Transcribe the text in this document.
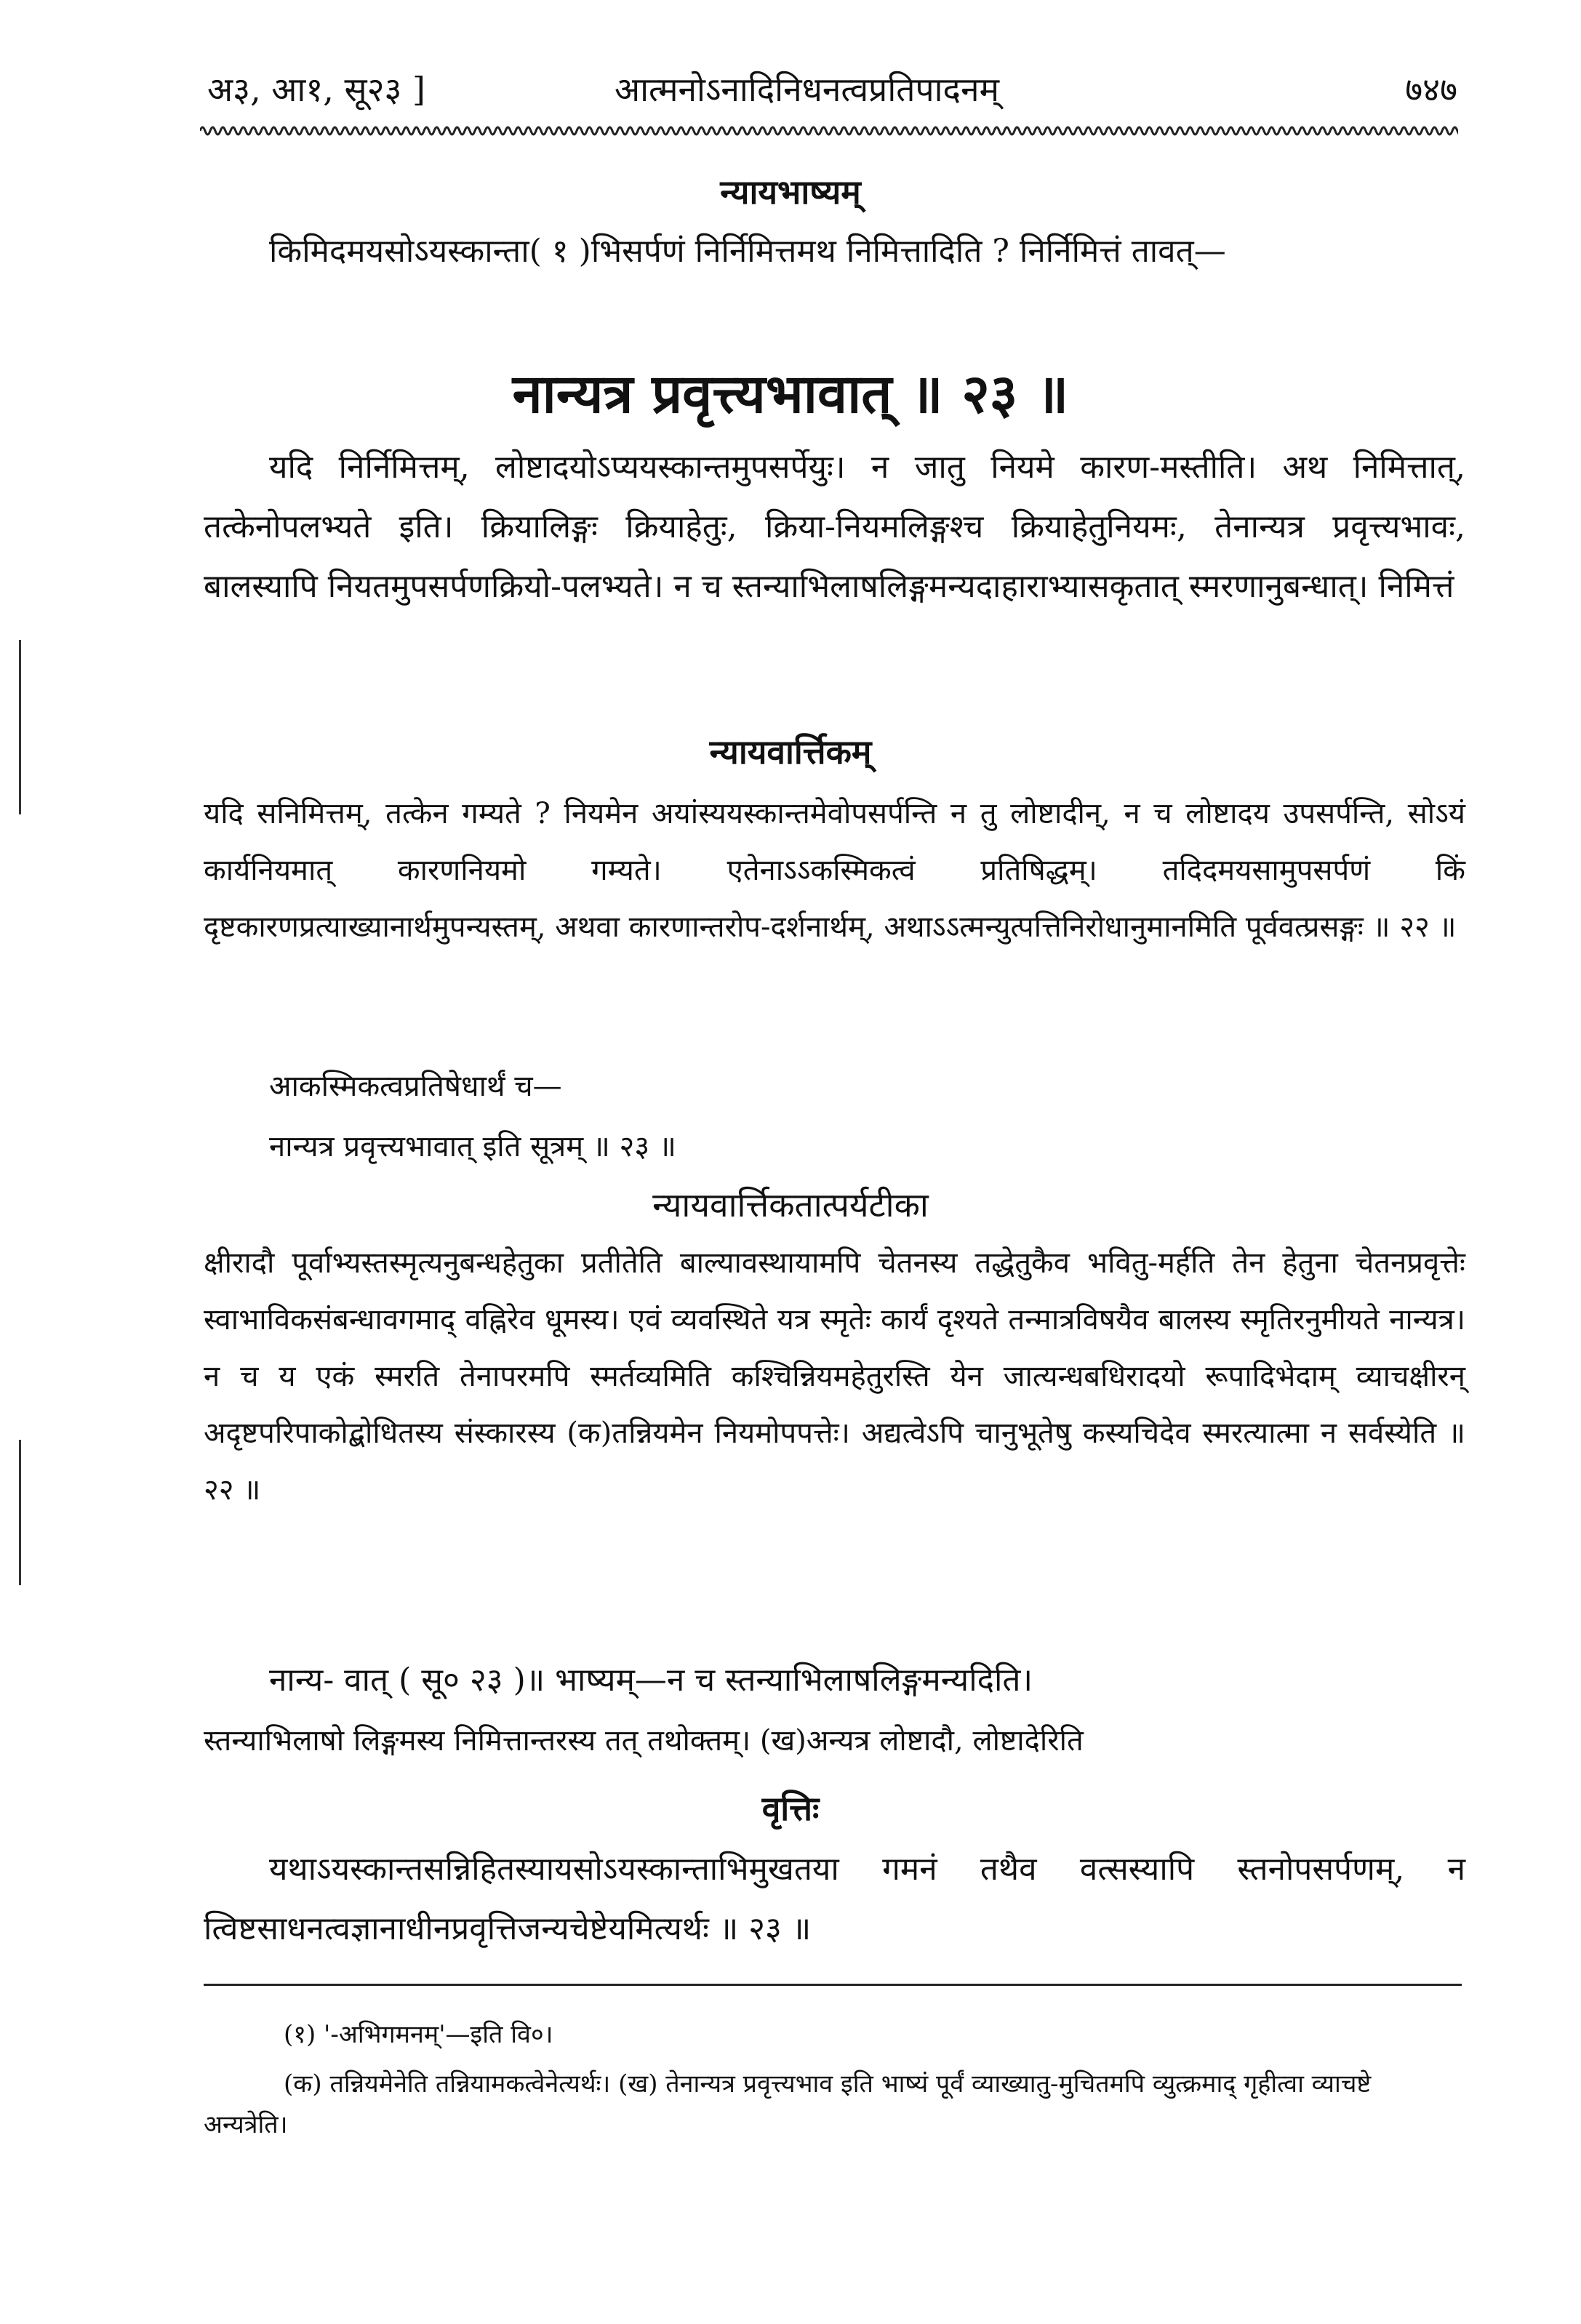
अ३, आ१, सू२३ ]	आत्मनोऽनादिनिधनत्वप्रतिपादनम्	७४७
न्यायभाष्यम्
किमिदमयसोऽयस्कान्ता( १ )भिसर्पणं निर्निमित्तमथ निमित्तादिति ? निर्निमित्तं तावत्—
नान्यत्र प्रवृत्त्यभावात् ॥ २३ ॥
यदि निर्निमित्तम्, लोष्टादयोऽप्ययस्कान्तमुपसर्पेयुः। न जातु नियमे कारण-मस्तीति। अथ निमित्तात्, तत्केनोपलभ्यते इति। क्रियालिङ्गः क्रियाहेतुः, क्रिया-नियमलिङ्गश्च क्रियाहेतुनियमः, तेनान्यत्र प्रवृत्त्यभावः, बालस्यापि नियतमुपसर्पणक्रियो-पलभ्यते। न च स्तन्याभिलाषलिङ्गमन्यदाहाराभ्यासकृतात् स्मरणानुबन्धात्। निमित्तं
न्यायवार्त्तिकम्
यदि सनिमित्तम्, तत्केन गम्यते ? नियमेन अयांस्ययस्कान्तमेवोपसर्पन्ति न तु लोष्टादीन्, न च लोष्टादय उपसर्पन्ति, सोऽयं कार्यनियमात् कारणनियमो गम्यते। एतेनाऽऽकस्मिकत्वं प्रतिषिद्धम्। तदिदमयसामुपसर्पणं किं दृष्टकारणप्रत्याख्यानार्थमुपन्यस्तम्, अथवा कारणान्तरोप-दर्शनार्थम्, अथाऽऽत्मन्युत्पत्तिनिरोधानुमानमिति पूर्ववत्प्रसङ्गः ॥ २२ ॥
आकस्मिकत्वप्रतिषेधार्थं च—
नान्यत्र प्रवृत्त्यभावात् इति सूत्रम् ॥ २३ ॥
न्यायवार्त्तिकतात्पर्यटीका
क्षीरादौ पूर्वाभ्यस्तस्मृत्यनुबन्धहेतुका प्रतीतेति बाल्यावस्थायामपि चेतनस्य तद्धेतुकैव भवितु-मर्हति तेन हेतुना चेतनप्रवृत्तेः स्वाभाविकसंबन्धावगमाद् वह्निरेव धूमस्य। एवं व्यवस्थिते यत्र स्मृतेः कार्यं दृश्यते तन्मात्रविषयैव बालस्य स्मृतिरनुमीयते नान्यत्र। न च य एकं स्मरति तेनापरमपि स्मर्तव्यमिति कश्चिन्नियमहेतुरस्ति येन जात्यन्धबधिरादयो रूपादिभेदाम् व्याचक्षीरन् अदृष्टपरिपाकोद्बोधितस्य संस्कारस्य (क)तन्नियमेन नियमोपपत्तेः। अद्यत्वेऽपि चानुभूतेषु कस्यचिदेव स्मरत्यात्मा न सर्वस्येति ॥ २२ ॥
नान्य- वात् ( सू० २३ )॥ भाष्यम्—न च स्तन्याभिलाषलिङ्गमन्यदिति।
स्तन्याभिलाषो लिङ्गमस्य निमित्तान्तरस्य तत् तथोक्तम्। (ख)अन्यत्र लोष्टादौ, लोष्टादेरिति
वृत्तिः
यथाऽयस्कान्तसन्निहितस्यायसोऽयस्कान्ताभिमुखतया गमनं तथैव वत्सस्यापि स्तनोपसर्पणम्, न त्विष्टसाधनत्वज्ञानाधीनप्रवृत्तिजन्यचेष्टेयमित्यर्थः ॥ २३ ॥
(१) '-अभिगमनम्'—इति वि०।
(क) तन्नियमेनेति तन्नियामकत्वेनेत्यर्थः। (ख) तेनान्यत्र प्रवृत्त्यभाव इति भाष्यं पूर्वं व्याख्यातु-मुचितमपि व्युत्क्रमाद् गृहीत्वा व्याचष्टे अन्यत्रेति।
